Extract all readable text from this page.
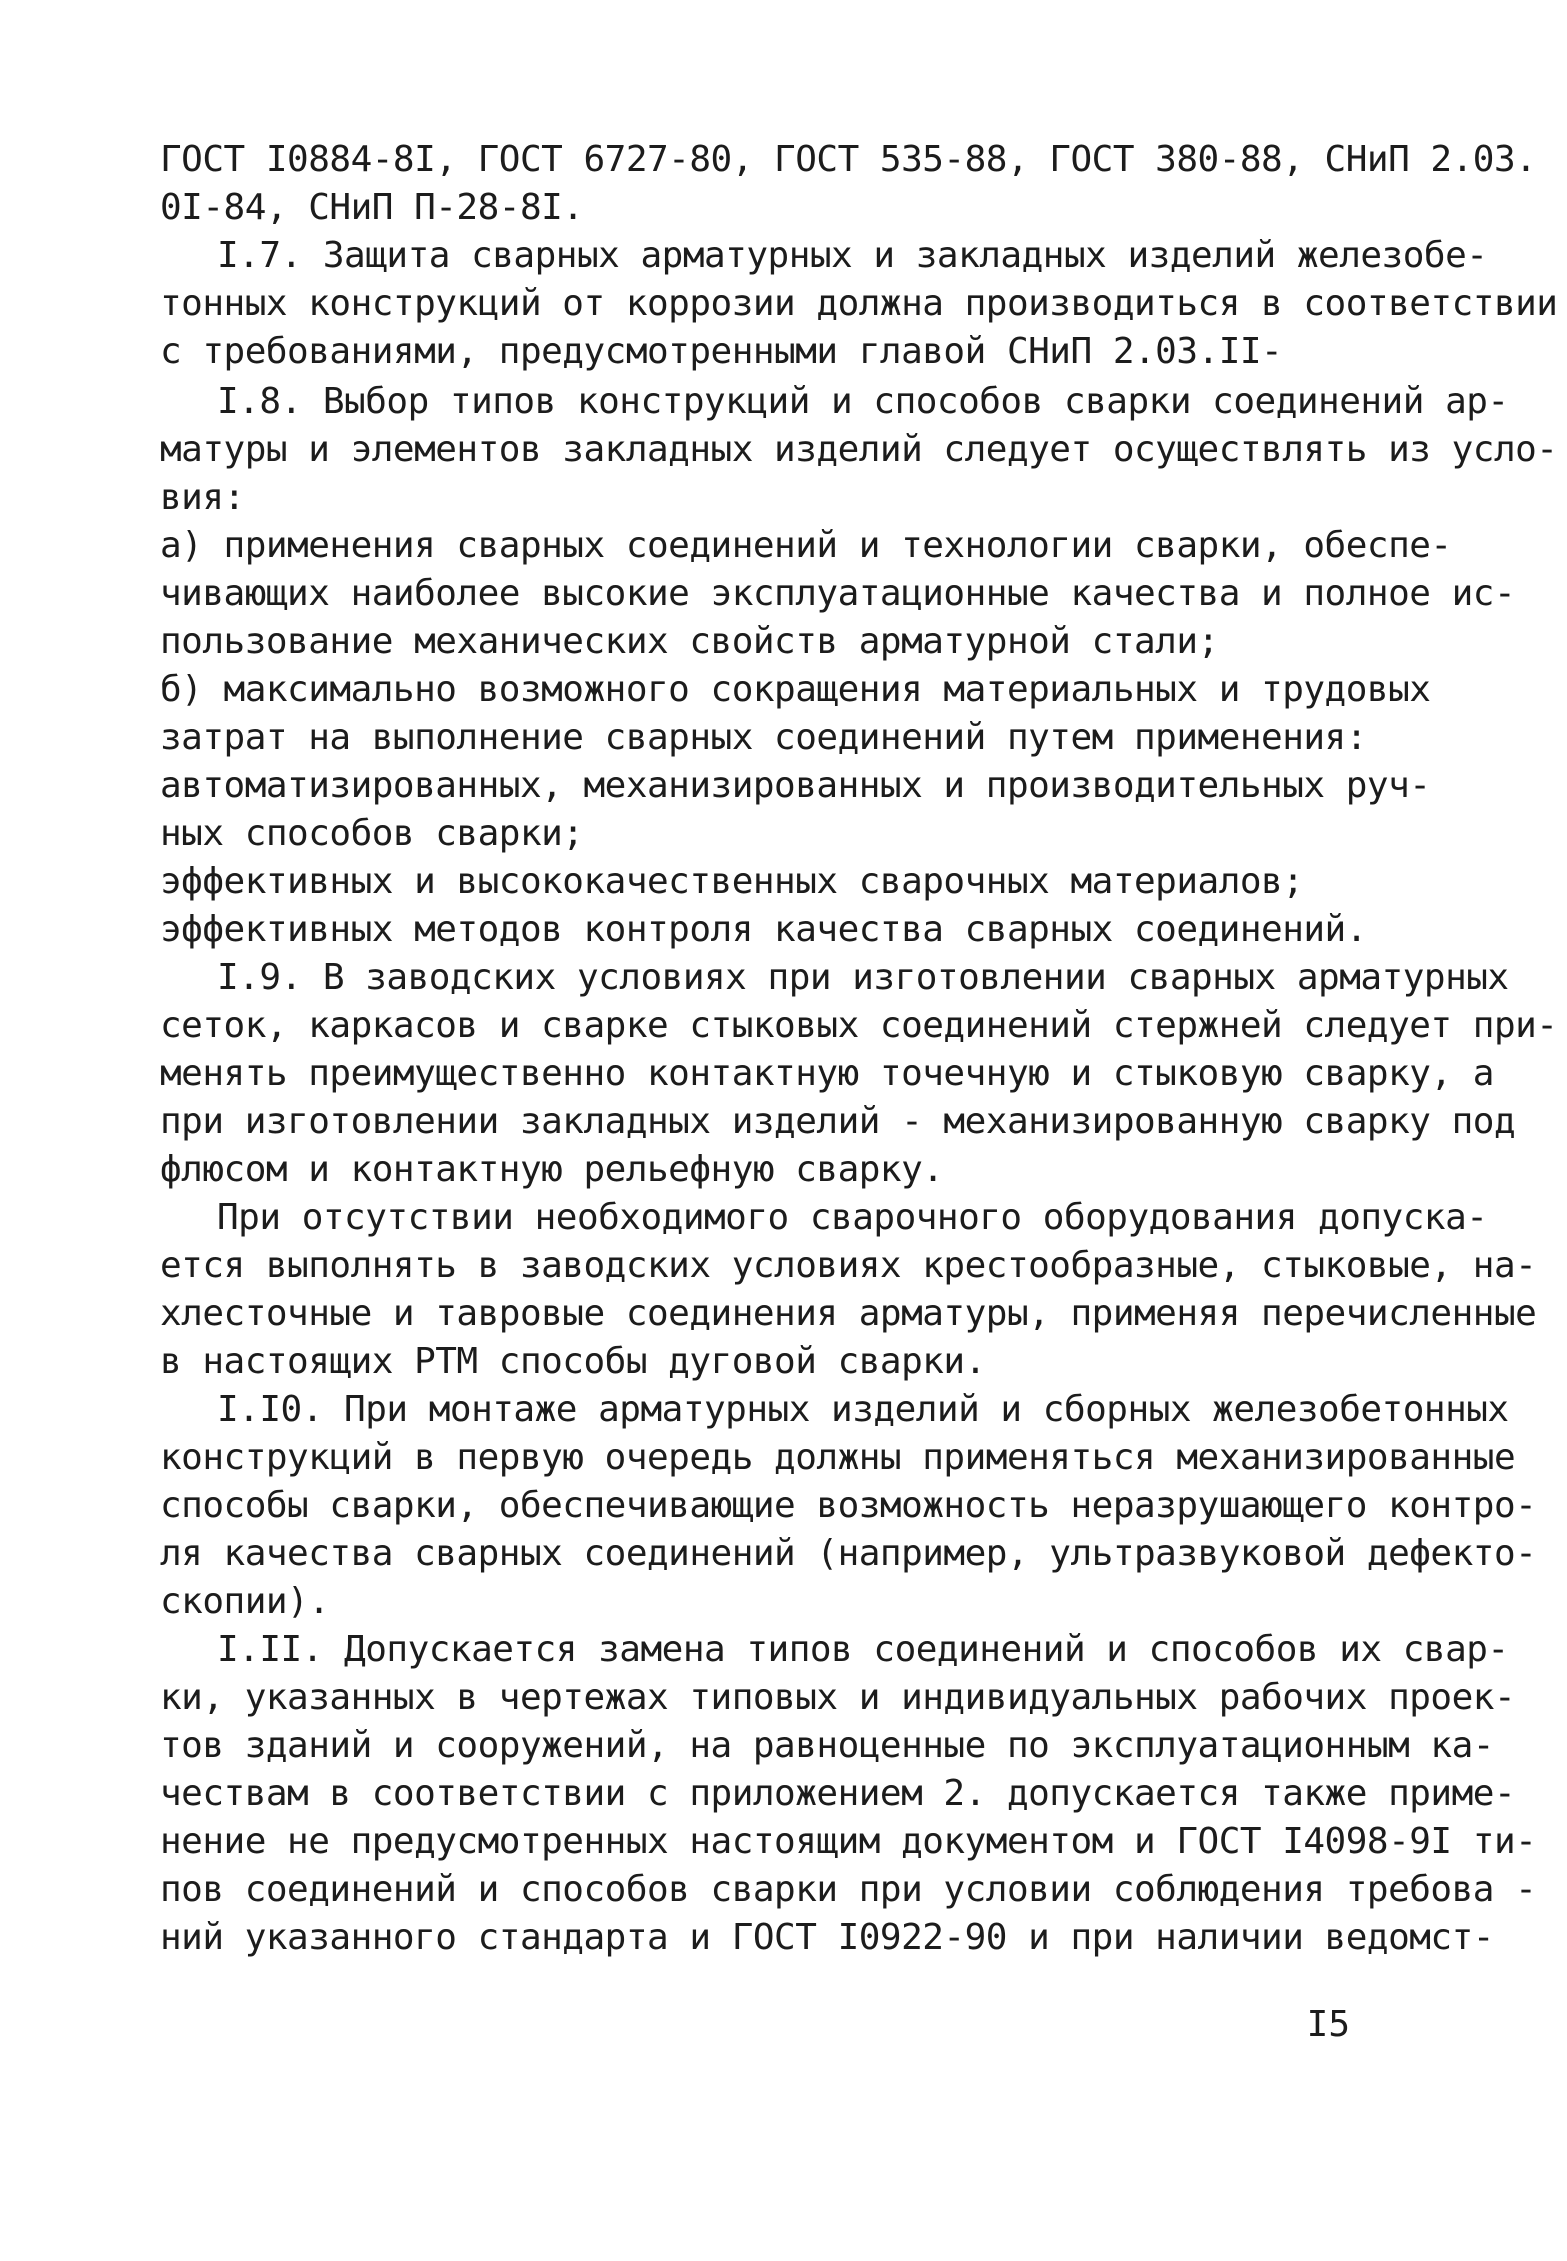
ГОСТ I0884-8I, ГОСТ 6727-80, ГОСТ 535-88, ГОСТ 380-88, СНиП 2.03.
0I-84, СНиП П-28-8I.
I.7. Защита сварных арматурных и закладных изделий железобе-
тонных конструкций от коррозии должна производиться в соответствии
с требованиями, предусмотренными главой СНиП 2.03.II-
I.8. Выбор типов конструкций и способов сварки соединений ар-
матуры и элементов закладных изделий следует осуществлять из усло-
вия:
а) применения сварных соединений и технологии сварки, обеспе-
чивающих наиболее высокие эксплуатационные качества и полное ис-
пользование механических свойств арматурной стали;
б) максимально возможного сокращения материальных и трудовых
затрат на выполнение сварных соединений путем применения:
автоматизированных, механизированных и производительных руч-
ных способов сварки;
эффективных и высококачественных сварочных материалов;
эффективных методов контроля качества сварных соединений.
I.9. В заводских условиях при изготовлении сварных арматурных
сеток, каркасов и сварке стыковых соединений стержней следует при-
менять преимущественно контактную точечную и стыковую сварку, а
при изготовлении закладных изделий - механизированную сварку под
флюсом и контактную рельефную сварку.
При отсутствии необходимого сварочного оборудования допуска-
ется выполнять в заводских условиях крестообразные, стыковые, на-
хлесточные и тавровые соединения арматуры, применяя перечисленные
в настоящих РТМ способы дуговой сварки.
I.I0. При монтаже арматурных изделий и сборных железобетонных
конструкций в первую очередь должны применяться механизированные
способы сварки, обеспечивающие возможность неразрушающего контро-
ля качества сварных соединений (например, ультразвуковой дефекто-
скопии).
I.II. Допускается замена типов соединений и способов их свар-
ки, указанных в чертежах типовых и индивидуальных рабочих проек-
тов зданий и сооружений, на равноценные по эксплуатационным ка-
чествам в соответствии с приложением 2. допускается также приме-
нение не предусмотренных настоящим документом и ГОСТ I4098-9I ти-
пов соединений и способов сварки при условии соблюдения требова -
ний указанного стандарта и ГОСТ I0922-90 и при наличии ведомст-
I5
